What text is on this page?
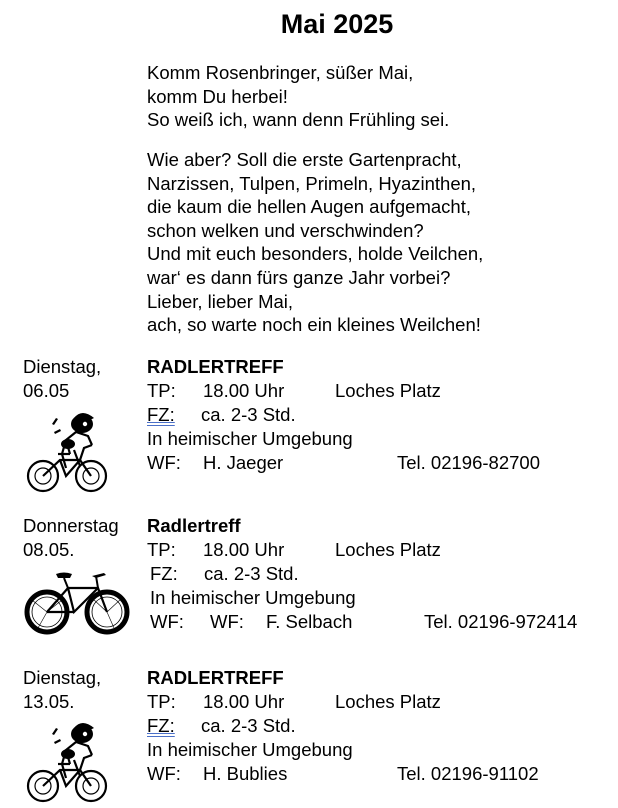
Mai 2025
Komm Rosenbringer, süßer Mai,
komm Du herbei!
So weiß ich, wann denn Frühling sei.
Wie aber? Soll die erste Gartenpracht,
Narzissen, Tulpen, Primeln, Hyazinthen,
die kaum die hellen Augen aufgemacht,
schon welken und verschwinden?
Und mit euch besonders, holde Veilchen,
war‘ es dann fürs ganze Jahr vorbei?
Lieber, lieber Mai,
ach, so warte noch ein kleines Weilchen!
Dienstag,
06.05
RADLERTREFF
TP: 18.00 Uhr	Loches Platz
FZ: ca. 2-3 Std.
In heimischer Umgebung
WF: H. Jaeger	Tel. 02196-82700
Donnerstag
08.05.
Radlertreff
TP: 18.00 Uhr	Loches Platz
FZ: ca. 2-3 Std.
In heimischer Umgebung
WF: WF: F. Selbach	Tel. 02196-972414
Dienstag,
13.05.
RADLERTREFF
TP: 18.00 Uhr	Loches Platz
FZ: ca. 2-3 Std.
In heimischer Umgebung
WF: H. Bublies	Tel. 02196-91102
